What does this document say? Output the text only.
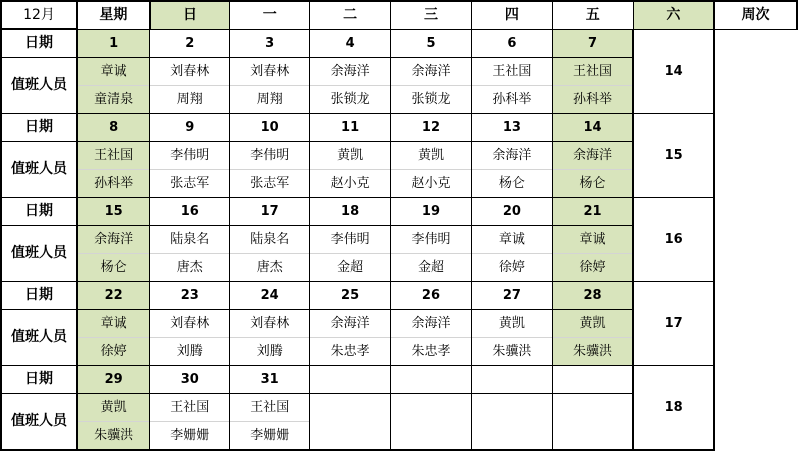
12月	星期	日	一	二	三	四	五	六	周次
日期	1	2	3	4	5	6	7	14	
值班人员	章诚	刘春林	刘春林	余海洋	余海洋	王社国	王社国		
	童清泉	周翔	周翔	张锁龙	张锁龙	孙科举	孙科举		
日期	8	9	10	11	12	13	14	15	
值班人员	王社国	李伟明	李伟明	黄凯	黄凯	余海洋	余海洋		
	孙科举	张志军	张志军	赵小克	赵小克	杨仑	杨仑		
日期	15	16	17	18	19	20	21	16	
值班人员	余海洋	陆泉名	陆泉名	李伟明	李伟明	章诚	章诚		
	杨仑	唐杰	唐杰	金超	金超	徐婷	徐婷		
日期	22	23	24	25	26	27	28	17	
值班人员	章诚	刘春林	刘春林	余海洋	余海洋	黄凯	黄凯		
	徐婷	刘腾	刘腾	朱忠孝	朱忠孝	朱骥洪	朱骥洪		
日期	29	30	31					18	
值班人员	黄凯	王社国	王社国						
	朱骥洪	李姗姗	李姗姗						
